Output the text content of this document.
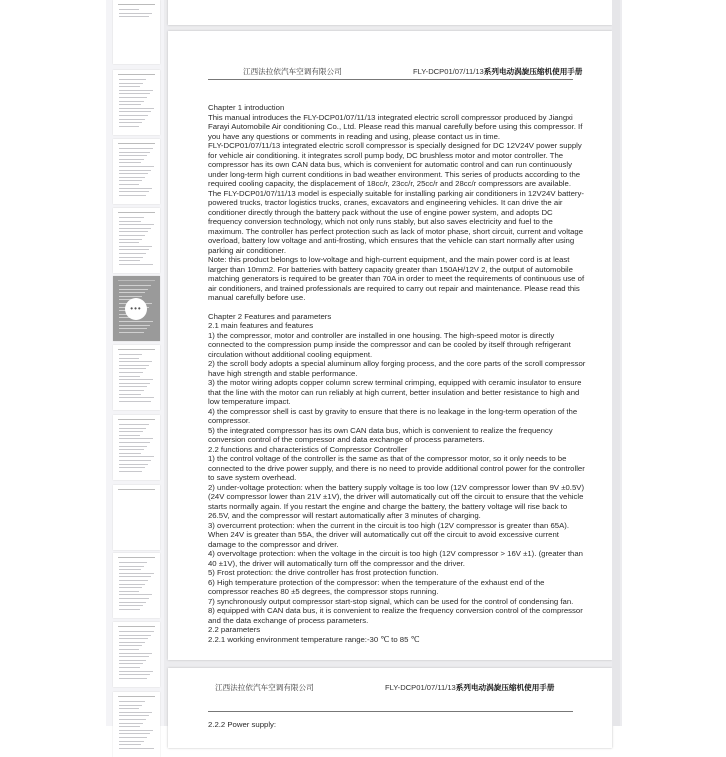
•••
江西法拉依汽车空调有限公司	FLY-DCP01/07/11/13系列电动涡旋压缩机使用手册
Chapter 1 introduction
This manual introduces the FLY-DCP01/07/11/13 integrated electric scroll compressor produced by Jiangxi
Farayi Automobile Air conditioning Co., Ltd. Please read this manual carefully before using this compressor. If
you have any questions or comments in reading and using, please contact us in time.
FLY-DCP01/07/11/13 integrated electric scroll compressor is specially designed for DC 12V24V power supply
for vehicle air conditioning. it integrates scroll pump body, DC brushless motor and motor controller. The
compressor has its own CAN data bus, which is convenient for automatic control and can run continuously
under long-term high current conditions in bad weather environment. This series of products according to the
required cooling capacity, the displacement of 18cc/r, 23cc/r, 25cc/r and 28cc/r compressors are available.
The FLY-DCP01/07/11/13 model is especially suitable for installing parking air conditioners in 12V24V battery-
powered trucks, tractor logistics trucks, cranes, excavators and engineering vehicles. It can drive the air
conditioner directly through the battery pack without the use of engine power system, and adopts DC
frequency conversion technology, which not only runs stably, but also saves electricity and fuel to the
maximum. The controller has perfect protection such as lack of motor phase, short circuit, current and voltage
overload, battery low voltage and anti-frosting, which ensures that the vehicle can start normally after using
parking air conditioner.
Note: this product belongs to low-voltage and high-current equipment, and the main power cord is at least
larger than 10mm2. For batteries with battery capacity greater than 150AH/12V 2, the output of automobile
matching generators is required to be greater than 70A in order to meet the requirements of continuous use of
air conditioners, and trained professionals are required to carry out repair and maintenance. Please read this
manual carefully before use.
Chapter 2 Features and parameters
2.1 main features and features
1) the compressor, motor and controller are installed in one housing. The high-speed motor is directly
connected to the compression pump inside the compressor and can be cooled by itself through refrigerant
circulation without additional cooling equipment.
2) the scroll body adopts a special aluminum alloy forging process, and the core parts of the scroll compressor
have high strength and stable performance.
3) the motor wiring adopts copper column screw terminal crimping, equipped with ceramic insulator to ensure
that the line with the motor can run reliably at high current, better insulation and better resistance to high and
low temperature impact.
4) the compressor shell is cast by gravity to ensure that there is no leakage in the long-term operation of the
compressor.
5) the integrated compressor has its own CAN data bus, which is convenient to realize the frequency
conversion control of the compressor and data exchange of process parameters.
2.2 functions and characteristics of Compressor Controller
1) the control voltage of the controller is the same as that of the compressor motor, so it only needs to be
connected to the drive power supply, and there is no need to provide additional control power for the controller
to save system overhead.
2) under-voltage protection: when the battery supply voltage is too low (12V compressor lower than 9V ±0.5V)
(24V compressor lower than 21V ±1V), the driver will automatically cut off the circuit to ensure that the vehicle
starts normally again. If you restart the engine and charge the battery, the battery voltage will rise back to
26.5V, and the compressor will restart automatically after 3 minutes of charging.
3) overcurrent protection: when the current in the circuit is too high (12V compressor is greater than 65A).
When 24V is greater than 55A, the driver will automatically cut off the circuit to avoid excessive current
damage to the compressor and driver.
4) overvoltage protection: when the voltage in the circuit is too high (12V compressor > 16V ±1). (greater than
40 ±1V), the driver will automatically turn off the compressor and the driver.
5) Frost protection: the drive controller has frost protection function.
6) High temperature protection of the compressor: when the temperature of the exhaust end of the
compressor reaches 80 ±5 degrees, the compressor stops running.
7) synchronously output compressor start-stop signal, which can be used for the control of condensing fan.
8) equipped with CAN data bus, it is convenient to realize the frequency conversion control of the compressor
and the data exchange of process parameters.
2.2 parameters
2.2.1 working environment temperature range:-30 ℃ to 85 ℃
江西法拉依汽车空调有限公司	FLY-DCP01/07/11/13系列电动涡旋压缩机使用手册
2.2.2 Power supply:
